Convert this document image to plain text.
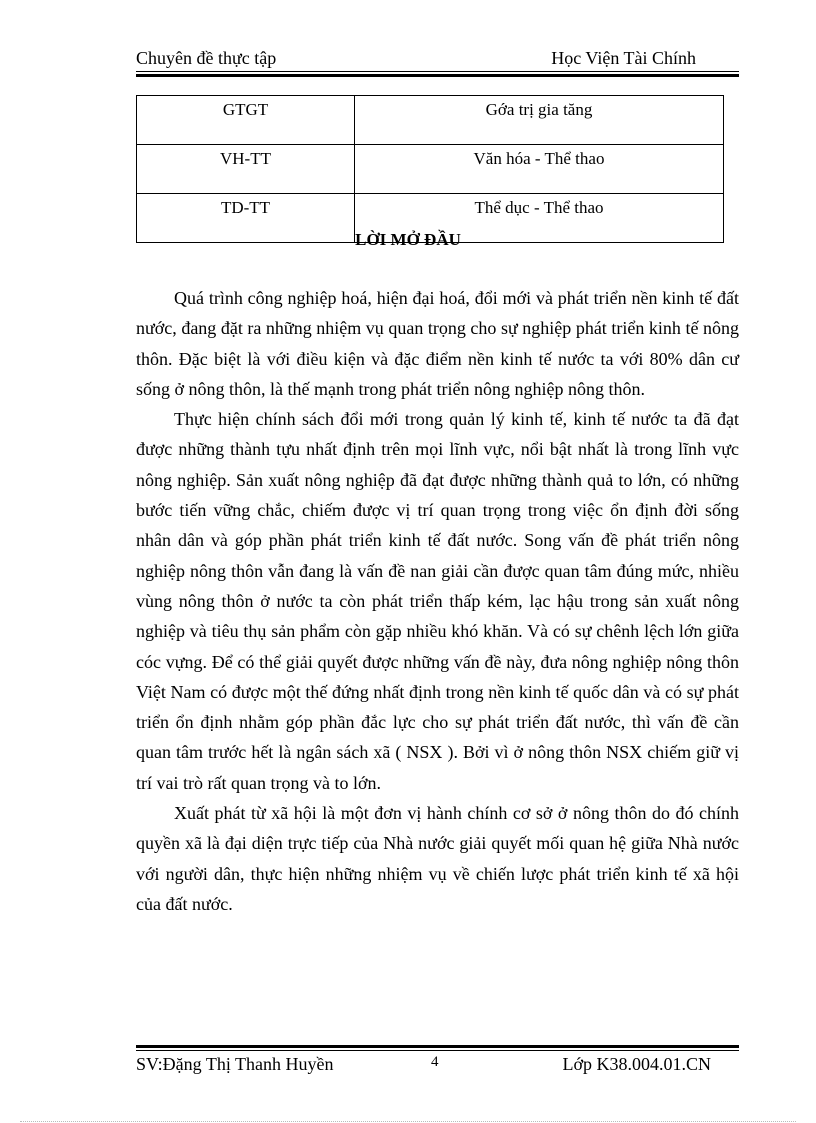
Chuyên đề thực tập	Học Viện Tài Chính
GTGT	Gớa trị gia tăng
VH-TT	Văn hóa - Thể thao
TD-TT	Thể dục - Thể thao
LỜI MỞ ĐẦU

Quá trình công nghiệp hoá, hiện đại hoá, đổi mới và phát triển nền kinh tế đất nước, đang đặt ra những nhiệm vụ quan trọng cho sự nghiệp phát triển kinh tế nông thôn. Đặc biệt là với điều kiện và đặc điểm nền kinh tế nước ta với 80% dân cư sống ở nông thôn, là thế mạnh trong phát triển nông nghiệp nông thôn.

Thực hiện chính sách đổi mới trong quản lý kinh tế, kinh tế nước ta đã đạt được những thành tựu nhất định trên mọi lĩnh vực, nổi bật nhất là trong lĩnh vực nông nghiệp. Sản xuất nông nghiệp đã đạt được những thành quả to lớn, có những bước tiến vững chắc, chiếm được vị trí quan trọng trong việc ổn định đời sống nhân dân và góp phần phát triển kinh tế đất nước. Song vấn đề phát triển nông nghiệp nông thôn vẫn đang là vấn đề nan giải cần được quan tâm đúng mức, nhiều vùng nông thôn ở nước ta còn phát triển thấp kém, lạc hậu trong sản xuất nông nghiệp và tiêu thụ sản phẩm còn gặp nhiều khó khăn. Và có sự chênh lệch lớn giữa cóc vựng. Để có thể giải quyết được những vấn đề này, đưa nông nghiệp nông thôn Việt Nam có được một thế đứng nhất định trong nền kinh tế quốc dân và có sự phát triển ổn định nhằm góp phần đắc lực cho sự phát triển đất nước, thì vấn đề cần quan tâm trước hết là ngân sách xã ( NSX ). Bởi vì ở nông thôn NSX chiếm giữ vị trí vai trò rất quan trọng và to lớn.

Xuất phát từ xã hội là một đơn vị hành chính cơ sở ở nông thôn do đó chính quyền xã là đại diện trực tiếp của Nhà nước giải quyết mối quan hệ giữa Nhà nước với người dân, thực hiện những nhiệm vụ về chiến lược phát triển kinh tế xã hội của đất nước.

SV:Đặng Thị Thanh Huyền	4	Lớp K38.004.01.CN
